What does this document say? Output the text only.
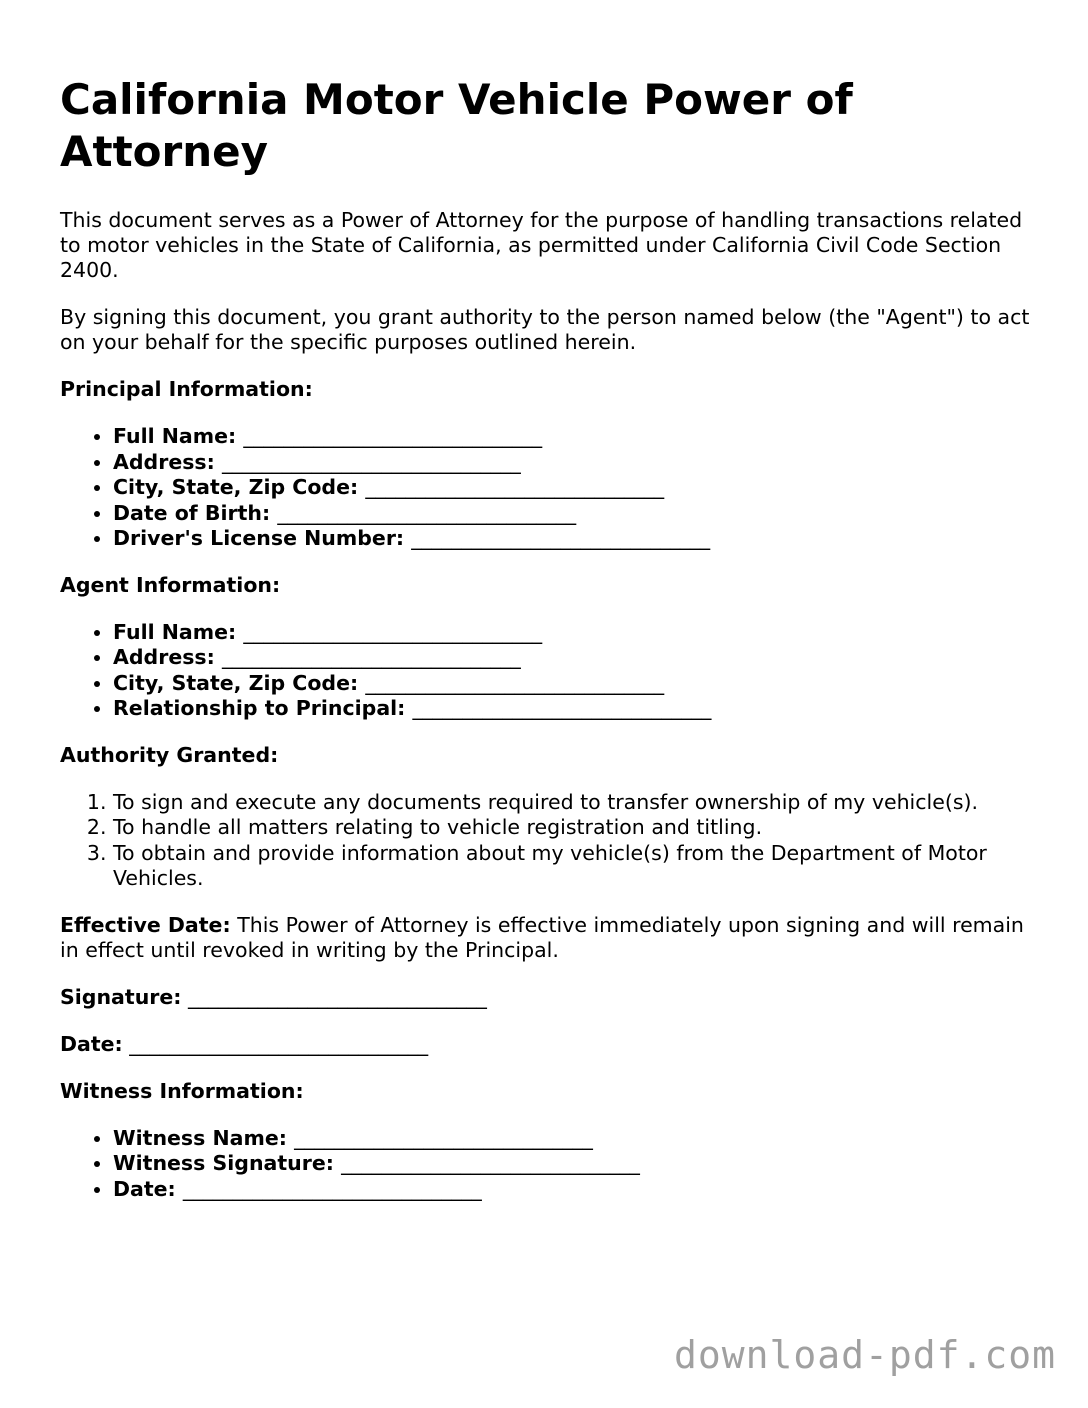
California Motor Vehicle Power of Attorney

This document serves as a Power of Attorney for the purpose of handling transactions related to motor vehicles in the State of California, as permitted under California Civil Code Section 2400.

By signing this document, you grant authority to the person named below (the "Agent") to act on your behalf for the specific purposes outlined herein.

Principal Information:
• Full Name: ______________________________
• Address: ______________________________
• City, State, Zip Code: ______________________________
• Date of Birth: ______________________________
• Driver's License Number: ______________________________
Agent Information:
• Full Name: ______________________________
• Address: ______________________________
• City, State, Zip Code: ______________________________
• Relationship to Principal: ______________________________
Authority Granted:
1. To sign and execute any documents required to transfer ownership of my vehicle(s).
2. To handle all matters relating to vehicle registration and titling.
3. To obtain and provide information about my vehicle(s) from the Department of Motor Vehicles.

Effective Date: This Power of Attorney is effective immediately upon signing and will remain in effect until revoked in writing by the Principal.

Signature: ______________________________
Date: ______________________________
Witness Information:
• Witness Name: ______________________________
• Witness Signature: ______________________________
• Date: ______________________________
download-pdf.com
